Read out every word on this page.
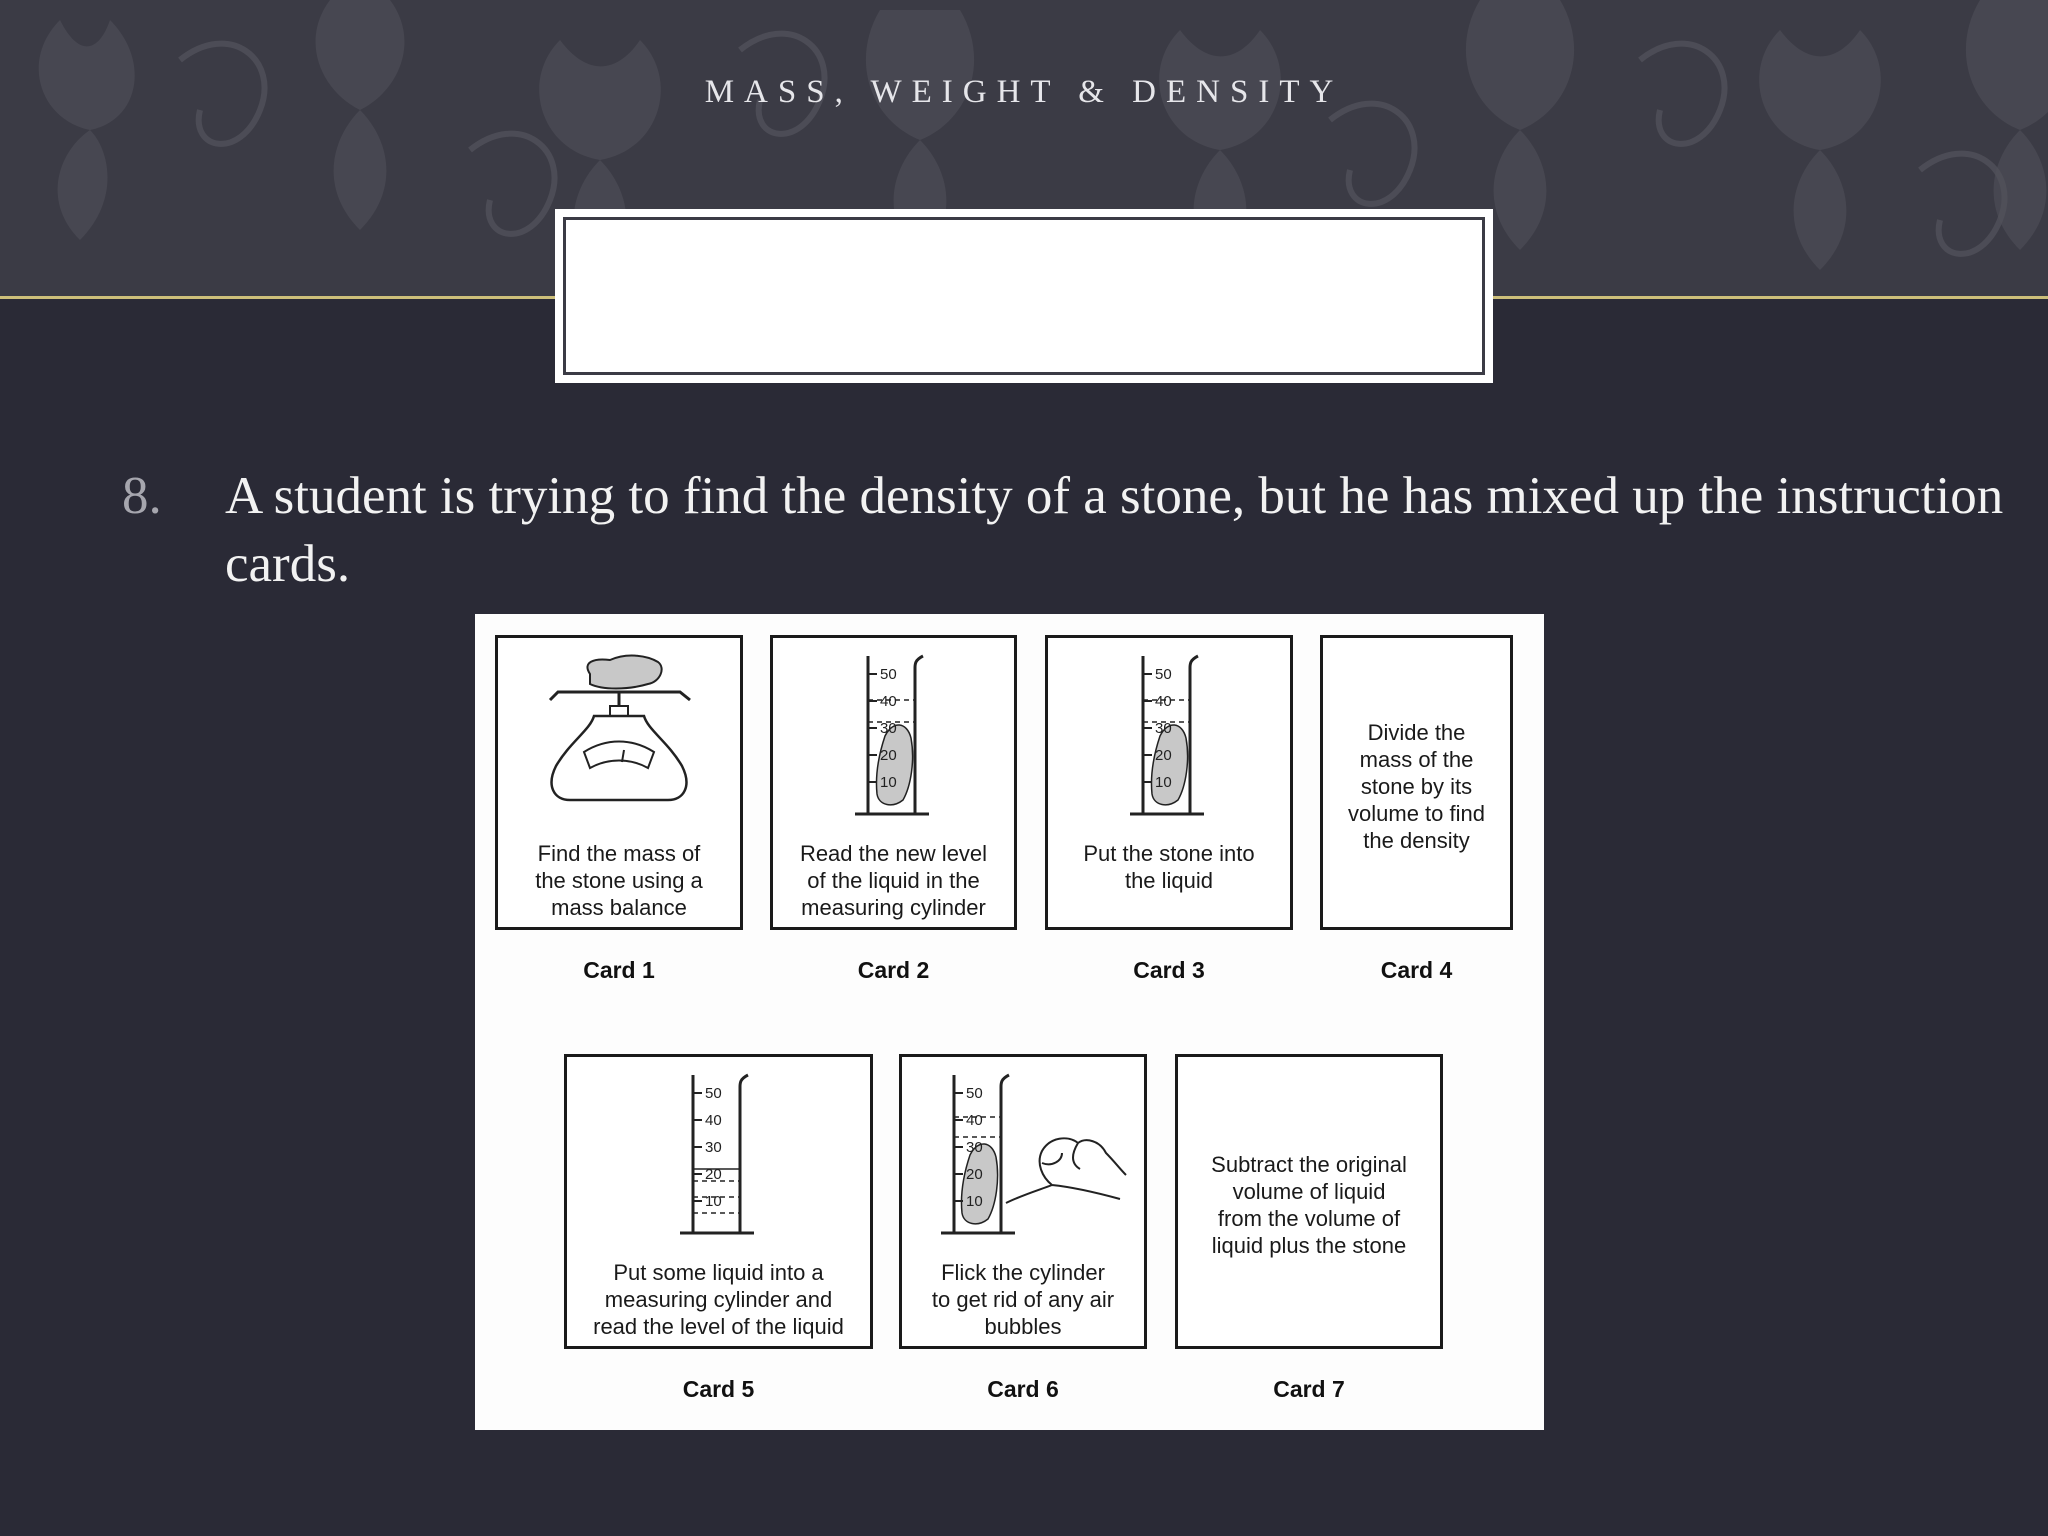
MASS, WEIGHT & DENSITY
8. A student is trying to find the density of a stone, but he has mixed up the instruction cards.
Find the mass of
the stone using a
mass balance
Card 1
50
40
30
20
10
Read the new level
of the liquid in the
measuring cylinder
Card 2
50
40
30
20
10
Put the stone into
the liquid
Card 3
Divide the
mass of the
stone by its
volume to find
the density
Card 4
50
40
30
20
10
Put some liquid into a
measuring cylinder and
read the level of the liquid
Card 5
50
40
30
20
10
Flick the cylinder
to get rid of any air
bubbles
Card 6
Subtract the original
volume of liquid
from the volume of
liquid plus the stone
Card 7
